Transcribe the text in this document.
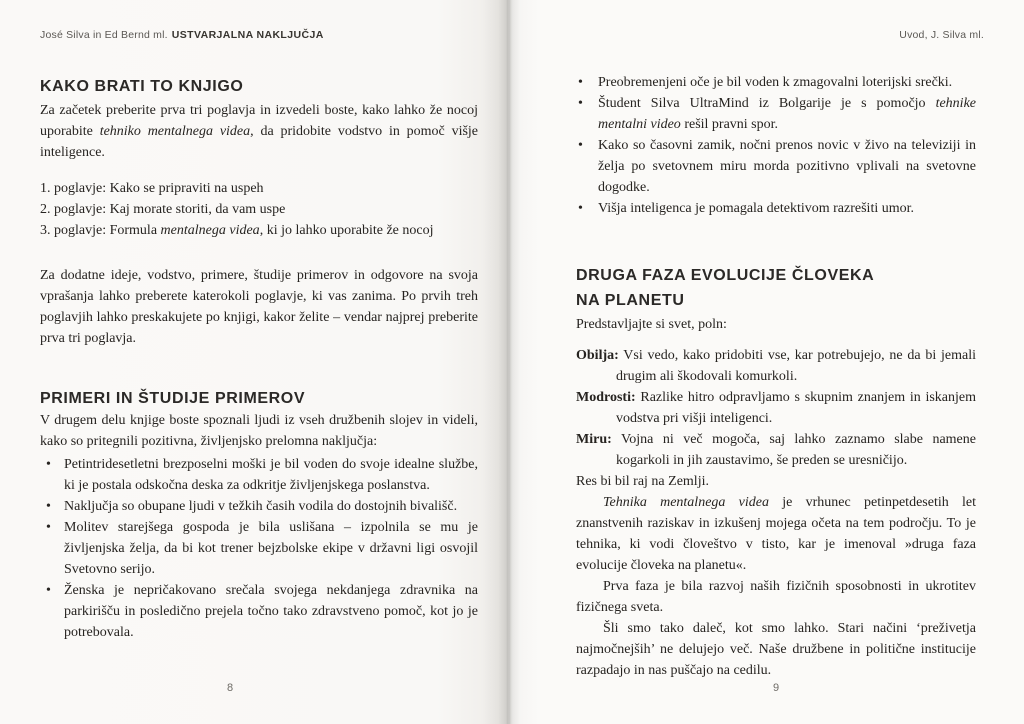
José Silva in Ed Bernd ml. USTVARJALNA NAKLJUČJA
KAKO BRATI TO KNJIGO

Za začetek preberite prva tri poglavja in izvedeli boste, kako lahko že nocoj uporabite tehniko mentalnega videa, da pridobite vodstvo in pomoč višje inteligence.

1. poglavje: Kako se pripraviti na uspeh
2. poglavje: Kaj morate storiti, da vam uspe
3. poglavje: Formula mentalnega videa, ki jo lahko uporabite že nocoj

Za dodatne ideje, vodstvo, primere, študije primerov in odgovore na svoja vprašanja lahko preberete katerokoli poglavje, ki vas zanima. Po prvih treh poglavjih lahko preskakujete po knjigi, kakor želite – vendar najprej preberite prva tri poglavja.

PRIMERI IN ŠTUDIJE PRIMEROV

V drugem delu knjige boste spoznali ljudi iz vseh družbenih slojev in videli, kako so pritegnili pozitivna, življenjsko prelomna naključja:

• Petintridesetletni brezposelni moški je bil voden do svoje idealne službe, ki je postala odskočna deska za odkritje življenjskega poslanstva.
• Naključja so obupane ljudi v težkih časih vodila do dostojnih bivališč.
• Molitev starejšega gospoda je bila uslišana – izpolnila se mu je življenjska želja, da bi kot trener bejzbolske ekipe v državni ligi osvojil Svetovno serijo.
• Ženska je nepričakovano srečala svojega nekdanjega zdravnika na parkirišču in posledično prejela točno tako zdravstveno pomoč, kot jo je potrebovala.
8
Uvod, J. Silva ml.
• Preobremenjeni oče je bil voden k zmagovalni loterijski srečki.
• Študent Silva UltraMind iz Bolgarije je s pomočjo tehnike mentalni video rešil pravni spor.
• Kako so časovni zamik, nočni prenos novic v živo na televiziji in želja po svetovnem miru morda pozitivno vplivali na svetovne dogodke.
• Višja inteligenca je pomagala detektivom razrešiti umor.
DRUGA FAZA EVOLUCIJE ČLOVEKA
NA PLANETU

Predstavljajte si svet, poln:

Obilja: Vsi vedo, kako pridobiti vse, kar potrebujejo, ne da bi jemali drugim ali škodovali komurkoli.
Modrosti: Razlike hitro odpravljamo s skupnim znanjem in iskanjem vodstva pri višji inteligenci.
Miru: Vojna ni več mogoča, saj lahko zaznamo slabe namene kogarkoli in jih zaustavimo, še preden se uresničijo.

Res bi bil raj na Zemlji.

Tehnika mentalnega videa je vrhunec petinpetdesetih let znanstvenih raziskav in izkušenj mojega očeta na tem področju. To je tehnika, ki vodi človeštvo v tisto, kar je imenoval »druga faza evolucije človeka na planetu«.

Prva faza je bila razvoj naših fizičnih sposobnosti in ukrotitev fizičnega sveta.

Šli smo tako daleč, kot smo lahko. Stari načini ‘preživetja najmočnejših’ ne delujejo več. Naše družbene in politične institucije razpadajo in nas puščajo na cedilu.

9
